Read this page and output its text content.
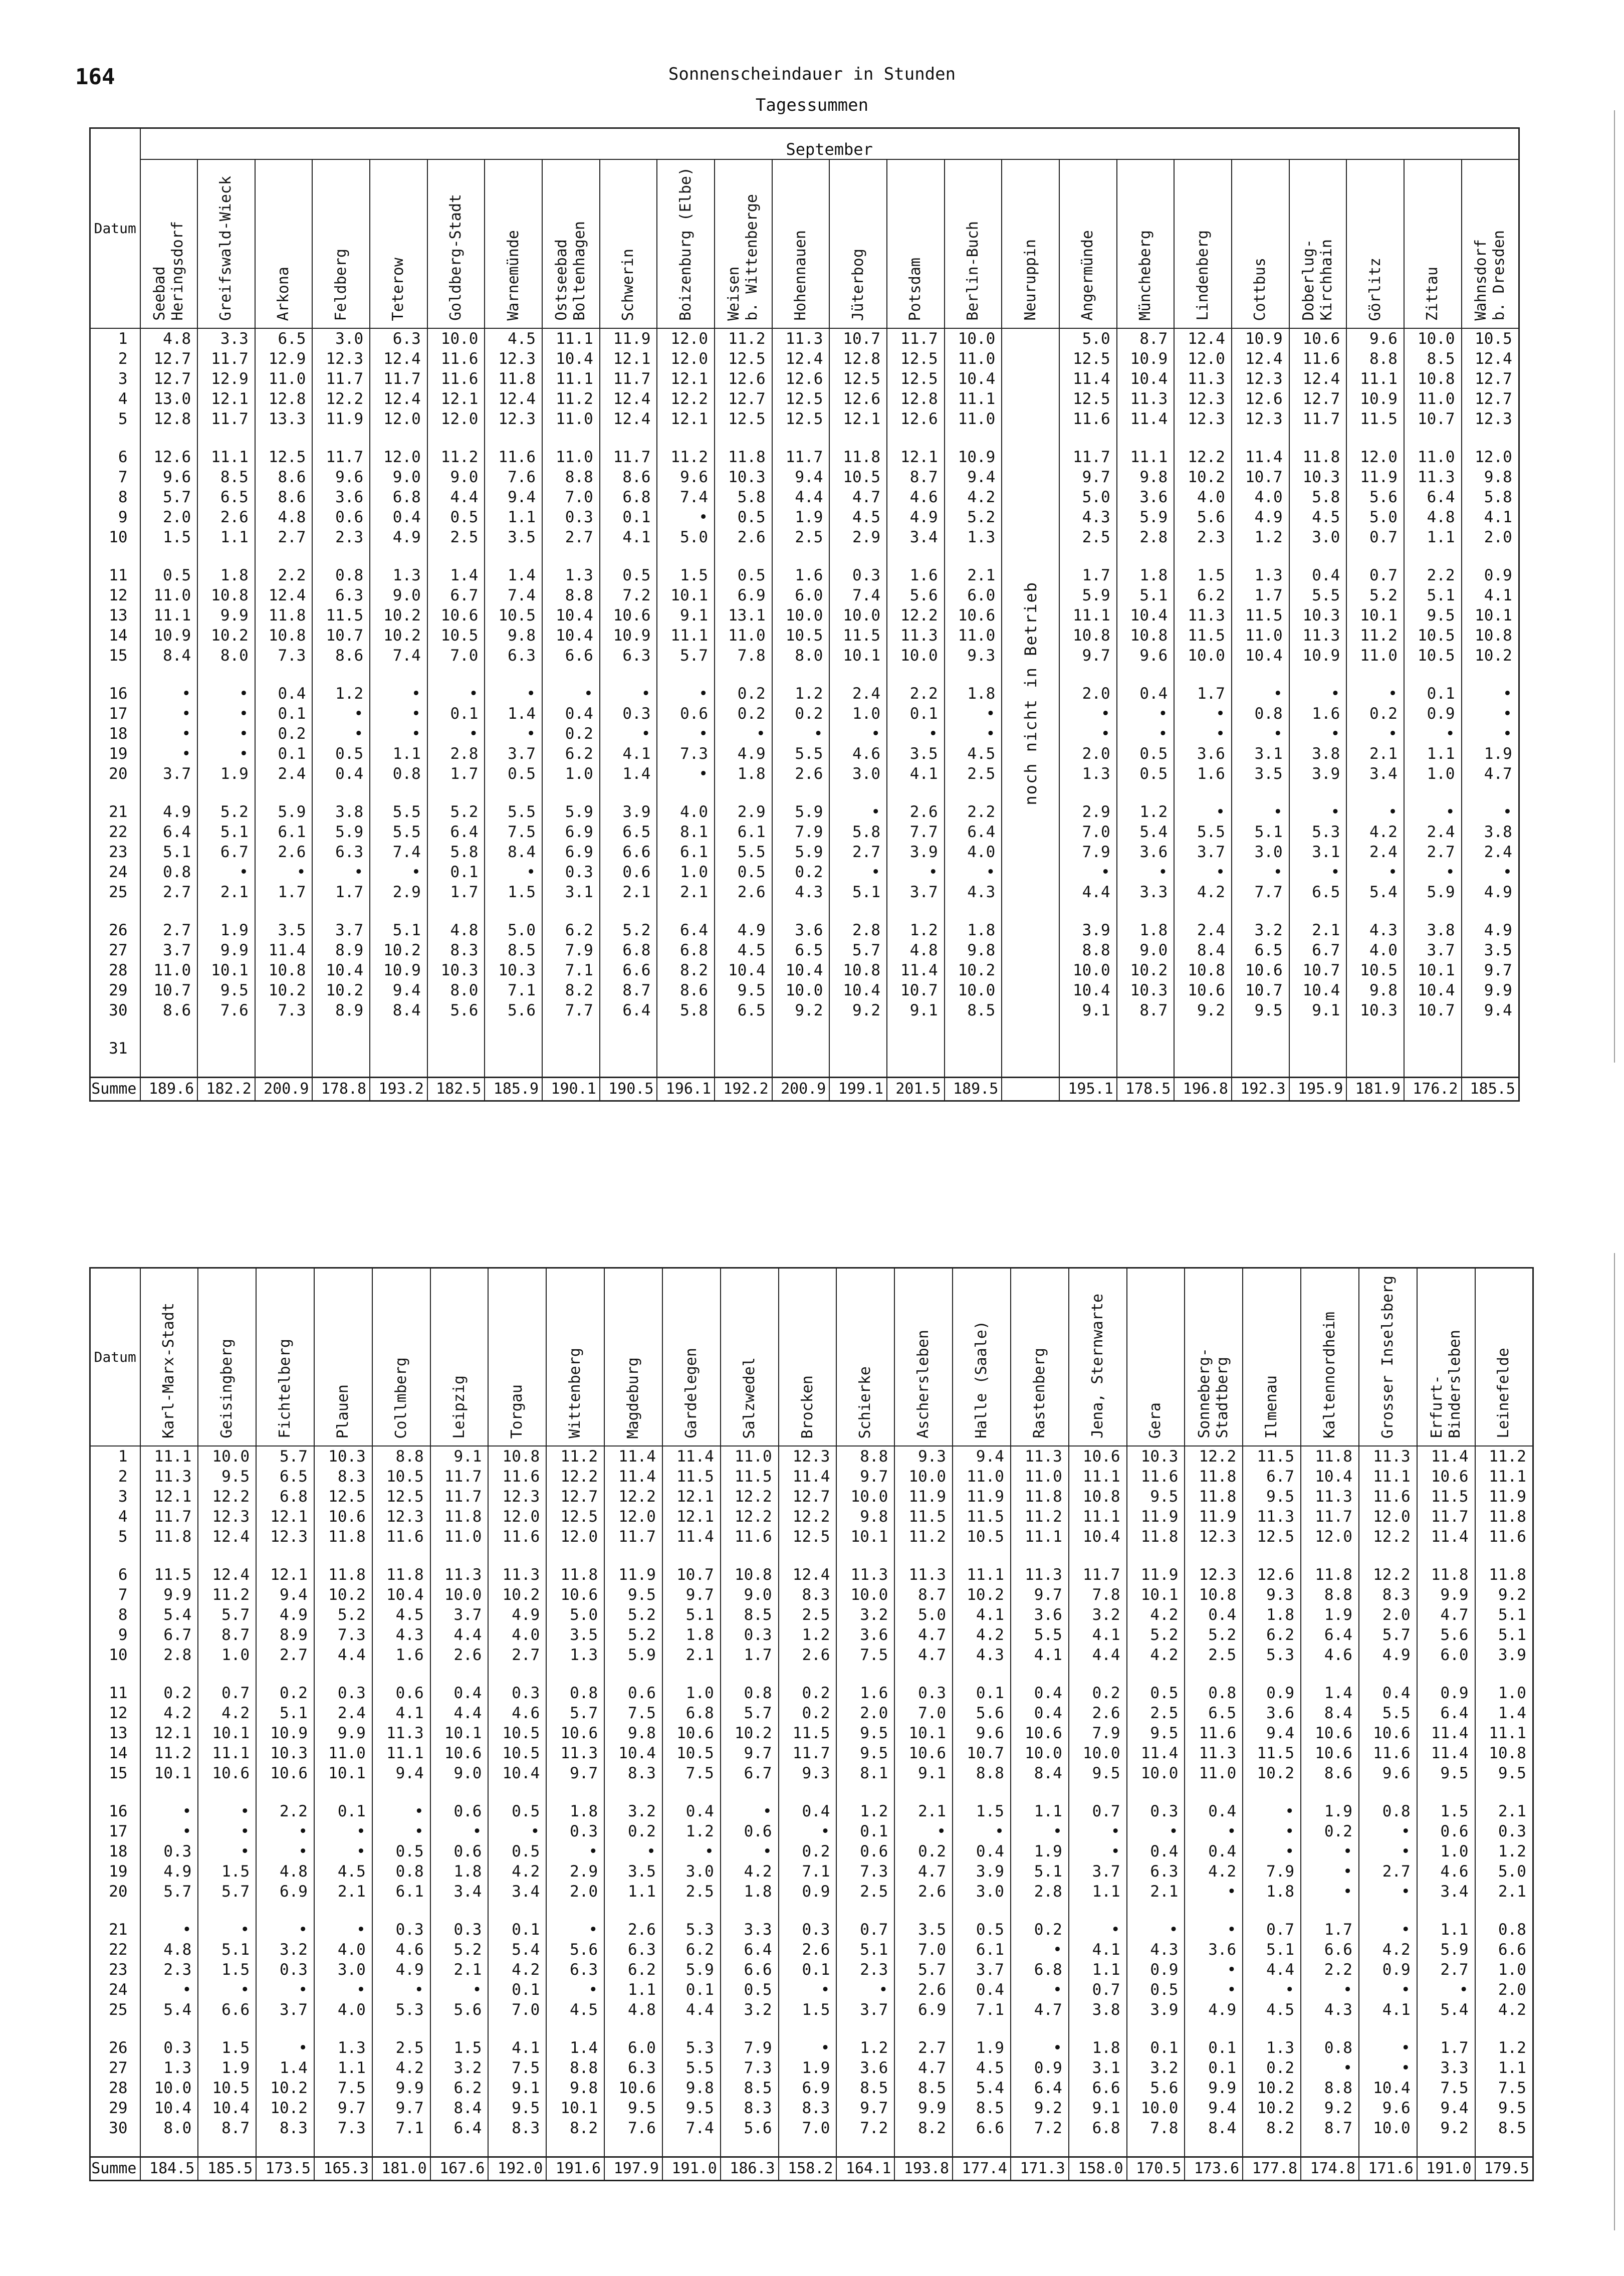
164	Sonnenscheindauer in Stunden
Tagessummen
Datum	September																							

	Seebad
Heringsdorf	Greifswald-Wieck	Arkona	Feldberg	Teterow	Goldberg-Stadt	Warnemünde	Ostseebad
Boltenhagen	Schwerin	Boizenburg (Elbe)	Weisen
b. Wittenberge	Hohennauen	Jüterbog	Potsdam	Berlin-Buch	Neuruppin	Angermünde	Müncheberg	Lindenberg	Cottbus	Doberlug-
Kirchhain	Görlitz	Zittau	Wahnsdorf
b. Dresden

1	4.8	3.3	6.5	3.0	6.3	10.0	4.5	11.1	11.9	12.0	11.2	11.3	10.7	11.7	10.0		5.0	8.7	12.4	10.9	10.6	9.6	10.0	10.5
2	12.7	11.7	12.9	12.3	12.4	11.6	12.3	10.4	12.1	12.0	12.5	12.4	12.8	12.5	11.0		12.5	10.9	12.0	12.4	11.6	8.8	8.5	12.4
3	12.7	12.9	11.0	11.7	11.7	11.6	11.8	11.1	11.7	12.1	12.6	12.6	12.5	12.5	10.4		11.4	10.4	11.3	12.3	12.4	11.1	10.8	12.7
4	13.0	12.1	12.8	12.2	12.4	12.1	12.4	11.2	12.4	12.2	12.7	12.5	12.6	12.8	11.1		12.5	11.3	12.3	12.6	12.7	10.9	11.0	12.7
5	12.8	11.7	13.3	11.9	12.0	12.0	12.3	11.0	12.4	12.1	12.5	12.5	12.1	12.6	11.0		11.6	11.4	12.3	12.3	11.7	11.5	10.7	12.3

6	12.6	11.1	12.5	11.7	12.0	11.2	11.6	11.0	11.7	11.2	11.8	11.7	11.8	12.1	10.9		11.7	11.1	12.2	11.4	11.8	12.0	11.0	12.0
7	9.6	8.5	8.6	9.6	9.0	9.0	7.6	8.8	8.6	9.6	10.3	9.4	10.5	8.7	9.4		9.7	9.8	10.2	10.7	10.3	11.9	11.3	9.8
8	5.7	6.5	8.6	3.6	6.8	4.4	9.4	7.0	6.8	7.4	5.8	4.4	4.7	4.6	4.2		5.0	3.6	4.0	4.0	5.8	5.6	6.4	5.8
9	2.0	2.6	4.8	0.6	0.4	0.5	1.1	0.3	0.1	•	0.5	1.9	4.5	4.9	5.2		4.3	5.9	5.6	4.9	4.5	5.0	4.8	4.1
10	1.5	1.1	2.7	2.3	4.9	2.5	3.5	2.7	4.1	5.0	2.6	2.5	2.9	3.4	1.3		2.5	2.8	2.3	1.2	3.0	0.7	1.1	2.0

11	0.5	1.8	2.2	0.8	1.3	1.4	1.4	1.3	0.5	1.5	0.5	1.6	0.3	1.6	2.1		1.7	1.8	1.5	1.3	0.4	0.7	2.2	0.9
12	11.0	10.8	12.4	6.3	9.0	6.7	7.4	8.8	7.2	10.1	6.9	6.0	7.4	5.6	6.0		5.9	5.1	6.2	1.7	5.5	5.2	5.1	4.1
13	11.1	9.9	11.8	11.5	10.2	10.6	10.5	10.4	10.6	9.1	13.1	10.0	10.0	12.2	10.6		11.1	10.4	11.3	11.5	10.3	10.1	9.5	10.1
14	10.9	10.2	10.8	10.7	10.2	10.5	9.8	10.4	10.9	11.1	11.0	10.5	11.5	11.3	11.0		10.8	10.8	11.5	11.0	11.3	11.2	10.5	10.8
15	8.4	8.0	7.3	8.6	7.4	7.0	6.3	6.6	6.3	5.7	7.8	8.0	10.1	10.0	9.3		9.7	9.6	10.0	10.4	10.9	11.0	10.5	10.2

16	•	•	0.4	1.2	•	•	•	•	•	•	0.2	1.2	2.4	2.2	1.8		2.0	0.4	1.7	•	•	•	0.1	•
17	•	•	0.1	•	•	0.1	1.4	0.4	0.3	0.6	0.2	0.2	1.0	0.1	•		•	•	•	0.8	1.6	0.2	0.9	•
18	•	•	0.2	•	•	•	•	0.2	•	•	•	•	•	•	•		•	•	•	•	•	•	•	•
19	•	•	0.1	0.5	1.1	2.8	3.7	6.2	4.1	7.3	4.9	5.5	4.6	3.5	4.5		2.0	0.5	3.6	3.1	3.8	2.1	1.1	1.9
20	3.7	1.9	2.4	0.4	0.8	1.7	0.5	1.0	1.4	•	1.8	2.6	3.0	4.1	2.5		1.3	0.5	1.6	3.5	3.9	3.4	1.0	4.7

21	4.9	5.2	5.9	3.8	5.5	5.2	5.5	5.9	3.9	4.0	2.9	5.9	•	2.6	2.2		2.9	1.2	•	•	•	•	•	•
22	6.4	5.1	6.1	5.9	5.5	6.4	7.5	6.9	6.5	8.1	6.1	7.9	5.8	7.7	6.4		7.0	5.4	5.5	5.1	5.3	4.2	2.4	3.8
23	5.1	6.7	2.6	6.3	7.4	5.8	8.4	6.9	6.6	6.1	5.5	5.9	2.7	3.9	4.0		7.9	3.6	3.7	3.0	3.1	2.4	2.7	2.4
24	0.8	•	•	•	•	0.1	•	0.3	0.6	1.0	0.5	0.2	•	•	•		•	•	•	•	•	•	•	•
25	2.7	2.1	1.7	1.7	2.9	1.7	1.5	3.1	2.1	2.1	2.6	4.3	5.1	3.7	4.3		4.4	3.3	4.2	7.7	6.5	5.4	5.9	4.9

26	2.7	1.9	3.5	3.7	5.1	4.8	5.0	6.2	5.2	6.4	4.9	3.6	2.8	1.2	1.8		3.9	1.8	2.4	3.2	2.1	4.3	3.8	4.9
27	3.7	9.9	11.4	8.9	10.2	8.3	8.5	7.9	6.8	6.8	4.5	6.5	5.7	4.8	9.8		8.8	9.0	8.4	6.5	6.7	4.0	3.7	3.5
28	11.0	10.1	10.8	10.4	10.9	10.3	10.3	7.1	6.6	8.2	10.4	10.4	10.8	11.4	10.2		10.0	10.2	10.8	10.6	10.7	10.5	10.1	9.7
29	10.7	9.5	10.2	10.2	9.4	8.0	7.1	8.2	8.7	8.6	9.5	10.0	10.4	10.7	10.0		10.4	10.3	10.6	10.7	10.4	9.8	10.4	9.9
30	8.6	7.6	7.3	8.9	8.4	5.6	5.6	7.7	6.4	5.8	6.5	9.2	9.2	9.1	8.5		9.1	8.7	9.2	9.5	9.1	10.3	10.7	9.4

31																								

Summe	189.6	182.2	200.9	178.8	193.2	182.5	185.9	190.1	190.5	196.1	192.2	200.9	199.1	201.5	189.5		195.1	178.5	196.8	192.3	195.9	181.9	176.2	185.5
noch nicht in Betrieb
Datum	Karl-Marx-Stadt	Geisingberg	Fichtelberg	Plauen	Collmberg	Leipzig	Torgau	Wittenberg	Magdeburg	Gardelegen	Salzwedel	Brocken	Schierke	Aschersleben	Halle (Saale)	Rastenberg	Jena, Sternwarte	Gera	Sonneberg-
Stadtberg	Ilmenau	Kaltennordheim	Grosser Inselsberg	Erfurt-
Bindersleben	Leinefelde

1	11.1	10.0	5.7	10.3	8.8	9.1	10.8	11.2	11.4	11.4	11.0	12.3	8.8	9.3	9.4	11.3	10.6	10.3	12.2	11.5	11.8	11.3	11.4	11.2
2	11.3	9.5	6.5	8.3	10.5	11.7	11.6	12.2	11.4	11.5	11.5	11.4	9.7	10.0	11.0	11.0	11.1	11.6	11.8	6.7	10.4	11.1	10.6	11.1
3	12.1	12.2	6.8	12.5	12.5	11.7	12.3	12.7	12.2	12.1	12.2	12.7	10.0	11.9	11.9	11.8	10.8	9.5	11.8	9.5	11.3	11.6	11.5	11.9
4	11.7	12.3	12.1	10.6	12.3	11.8	12.0	12.5	12.0	12.1	12.2	12.2	9.8	11.5	11.5	11.2	11.1	11.9	11.9	11.3	11.7	12.0	11.7	11.8
5	11.8	12.4	12.3	11.8	11.6	11.0	11.6	12.0	11.7	11.4	11.6	12.5	10.1	11.2	10.5	11.1	10.4	11.8	12.3	12.5	12.0	12.2	11.4	11.6

6	11.5	12.4	12.1	11.8	11.8	11.3	11.3	11.8	11.9	10.7	10.8	12.4	11.3	11.3	11.1	11.3	11.7	11.9	12.3	12.6	11.8	12.2	11.8	11.8
7	9.9	11.2	9.4	10.2	10.4	10.0	10.2	10.6	9.5	9.7	9.0	8.3	10.0	8.7	10.2	9.7	7.8	10.1	10.8	9.3	8.8	8.3	9.9	9.2
8	5.4	5.7	4.9	5.2	4.5	3.7	4.9	5.0	5.2	5.1	8.5	2.5	3.2	5.0	4.1	3.6	3.2	4.2	0.4	1.8	1.9	2.0	4.7	5.1
9	6.7	8.7	8.9	7.3	4.3	4.4	4.0	3.5	5.2	1.8	0.3	1.2	3.6	4.7	4.2	5.5	4.1	5.2	5.2	6.2	6.4	5.7	5.6	5.1
10	2.8	1.0	2.7	4.4	1.6	2.6	2.7	1.3	5.9	2.1	1.7	2.6	7.5	4.7	4.3	4.1	4.4	4.2	2.5	5.3	4.6	4.9	6.0	3.9

11	0.2	0.7	0.2	0.3	0.6	0.4	0.3	0.8	0.6	1.0	0.8	0.2	1.6	0.3	0.1	0.4	0.2	0.5	0.8	0.9	1.4	0.4	0.9	1.0
12	4.2	4.2	5.1	2.4	4.1	4.4	4.6	5.7	7.5	6.8	5.7	0.2	2.0	7.0	5.6	0.4	2.6	2.5	6.5	3.6	8.4	5.5	6.4	1.4
13	12.1	10.1	10.9	9.9	11.3	10.1	10.5	10.6	9.8	10.6	10.2	11.5	9.5	10.1	9.6	10.6	7.9	9.5	11.6	9.4	10.6	10.6	11.4	11.1
14	11.2	11.1	10.3	11.0	11.1	10.6	10.5	11.3	10.4	10.5	9.7	11.7	9.5	10.6	10.7	10.0	10.0	11.4	11.3	11.5	10.6	11.6	11.4	10.8
15	10.1	10.6	10.6	10.1	9.4	9.0	10.4	9.7	8.3	7.5	6.7	9.3	8.1	9.1	8.8	8.4	9.5	10.0	11.0	10.2	8.6	9.6	9.5	9.5

16	•	•	2.2	0.1	•	0.6	0.5	1.8	3.2	0.4	•	0.4	1.2	2.1	1.5	1.1	0.7	0.3	0.4	•	1.9	0.8	1.5	2.1
17	•	•	•	•	•	•	•	0.3	0.2	1.2	0.6	•	0.1	•	•	•	•	•	•	•	0.2	•	0.6	0.3
18	0.3	•	•	•	0.5	0.6	0.5	•	•	•	•	0.2	0.6	0.2	0.4	1.9	•	0.4	0.4	•	•	•	1.0	1.2
19	4.9	1.5	4.8	4.5	0.8	1.8	4.2	2.9	3.5	3.0	4.2	7.1	7.3	4.7	3.9	5.1	3.7	6.3	4.2	7.9	•	2.7	4.6	5.0
20	5.7	5.7	6.9	2.1	6.1	3.4	3.4	2.0	1.1	2.5	1.8	0.9	2.5	2.6	3.0	2.8	1.1	2.1	•	1.8	•	•	3.4	2.1

21	•	•	•	•	0.3	0.3	0.1	•	2.6	5.3	3.3	0.3	0.7	3.5	0.5	0.2	•	•	•	0.7	1.7	•	1.1	0.8
22	4.8	5.1	3.2	4.0	4.6	5.2	5.4	5.6	6.3	6.2	6.4	2.6	5.1	7.0	6.1	•	4.1	4.3	3.6	5.1	6.6	4.2	5.9	6.6
23	2.3	1.5	0.3	3.0	4.9	2.1	4.2	6.3	6.2	5.9	6.6	0.1	2.3	5.7	3.7	6.8	1.1	0.9	•	4.4	2.2	0.9	2.7	1.0
24	•	•	•	•	•	•	0.1	•	1.1	0.1	0.5	•	•	2.6	0.4	•	0.7	0.5	•	•	•	•	•	2.0
25	5.4	6.6	3.7	4.0	5.3	5.6	7.0	4.5	4.8	4.4	3.2	1.5	3.7	6.9	7.1	4.7	3.8	3.9	4.9	4.5	4.3	4.1	5.4	4.2

26	0.3	1.5	•	1.3	2.5	1.5	4.1	1.4	6.0	5.3	7.9	•	1.2	2.7	1.9	•	1.8	0.1	0.1	1.3	0.8	•	1.7	1.2
27	1.3	1.9	1.4	1.1	4.2	3.2	7.5	8.8	6.3	5.5	7.3	1.9	3.6	4.7	4.5	0.9	3.1	3.2	0.1	0.2	•	•	3.3	1.1
28	10.0	10.5	10.2	7.5	9.9	6.2	9.1	9.8	10.6	9.8	8.5	6.9	8.5	8.5	5.4	6.4	6.6	5.6	9.9	10.2	8.8	10.4	7.5	7.5
29	10.4	10.4	10.2	9.7	9.7	8.4	9.5	10.1	9.5	9.5	8.3	8.3	9.7	9.9	8.5	9.2	9.1	10.0	9.4	10.2	9.2	9.6	9.4	9.5
30	8.0	8.7	8.3	7.3	7.1	6.4	8.3	8.2	7.6	7.4	5.6	7.0	7.2	8.2	6.6	7.2	6.8	7.8	8.4	8.2	8.7	10.0	9.2	8.5

Summe	184.5	185.5	173.5	165.3	181.0	167.6	192.0	191.6	197.9	191.0	186.3	158.2	164.1	193.8	177.4	171.3	158.0	170.5	173.6	177.8	174.8	171.6	191.0	179.5
